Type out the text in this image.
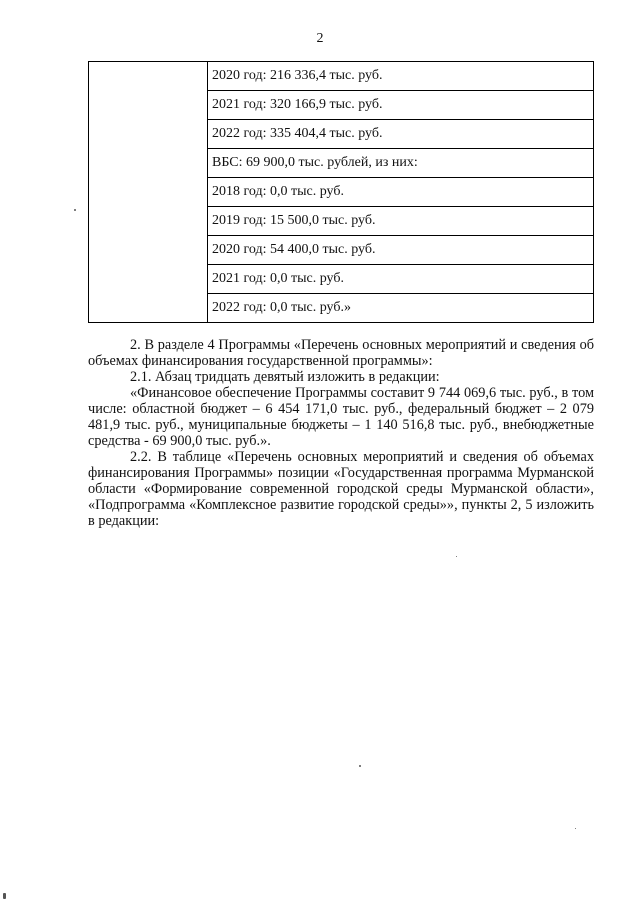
2
	2020 год: 216 336,4 тыс. руб.
2021 год: 320 166,9 тыс. руб.
2022 год: 335 404,4 тыс. руб.
ВБС: 69 900,0 тыс. рублей, из них:
2018 год: 0,0 тыс. руб.
2019 год: 15 500,0 тыс. руб.
2020 год: 54 400,0 тыс. руб.
2021 год: 0,0 тыс. руб.
2022 год: 0,0 тыс. руб.»

2. В разделе 4 Программы «Перечень основных мероприятий и сведения об объемах финансирования государственной программы»:

2.1. Абзац тридцать девятый изложить в редакции:

«Финансовое обеспечение Программы составит 9 744 069,6 тыс. руб., в том числе: областной бюджет – 6 454 171,0 тыс. руб., федеральный бюджет – 2 079 481,9 тыс. руб., муниципальные бюджеты – 1 140 516,8 тыс. руб., внебюджетные средства - 69 900,0 тыс. руб.».

2.2. В таблице «Перечень основных мероприятий и сведения об объемах финансирования Программы» позиции «Государственная программа Мурманской области «Формирование современной городской среды Мурманской области», «Подпрограмма «Комплексное развитие городской среды»», пункты 2, 5 изложить в редакции:
